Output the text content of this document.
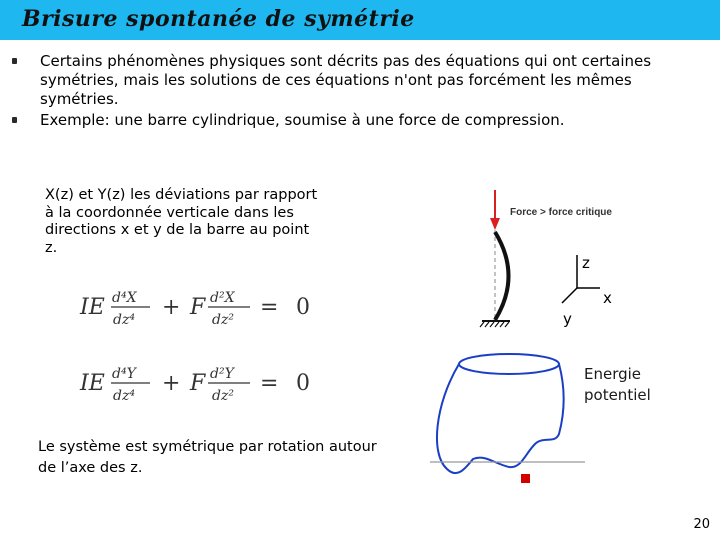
Brisure spontanée de symétrie
Certains phénomènes physiques sont décrits pas des équations qui ont certaines symétries, mais les solutions de ces équations n'ont pas forcément les mêmes symétries.
Exemple: une barre cylindrique, soumise à une force de compression.
X(z) et Y(z) les déviations par rapport à la coordonnée verticale dans les directions x et y de la barre au point z.
IE d⁴X
dz⁴ + F d²X
dz² = 0
IE d⁴Y
dz⁴ + F d²Y
dz² = 0
Force > force critique
z
x
y
Energie
potentiel
Le système est symétrique par rotation autour de l’axe des z.
20
